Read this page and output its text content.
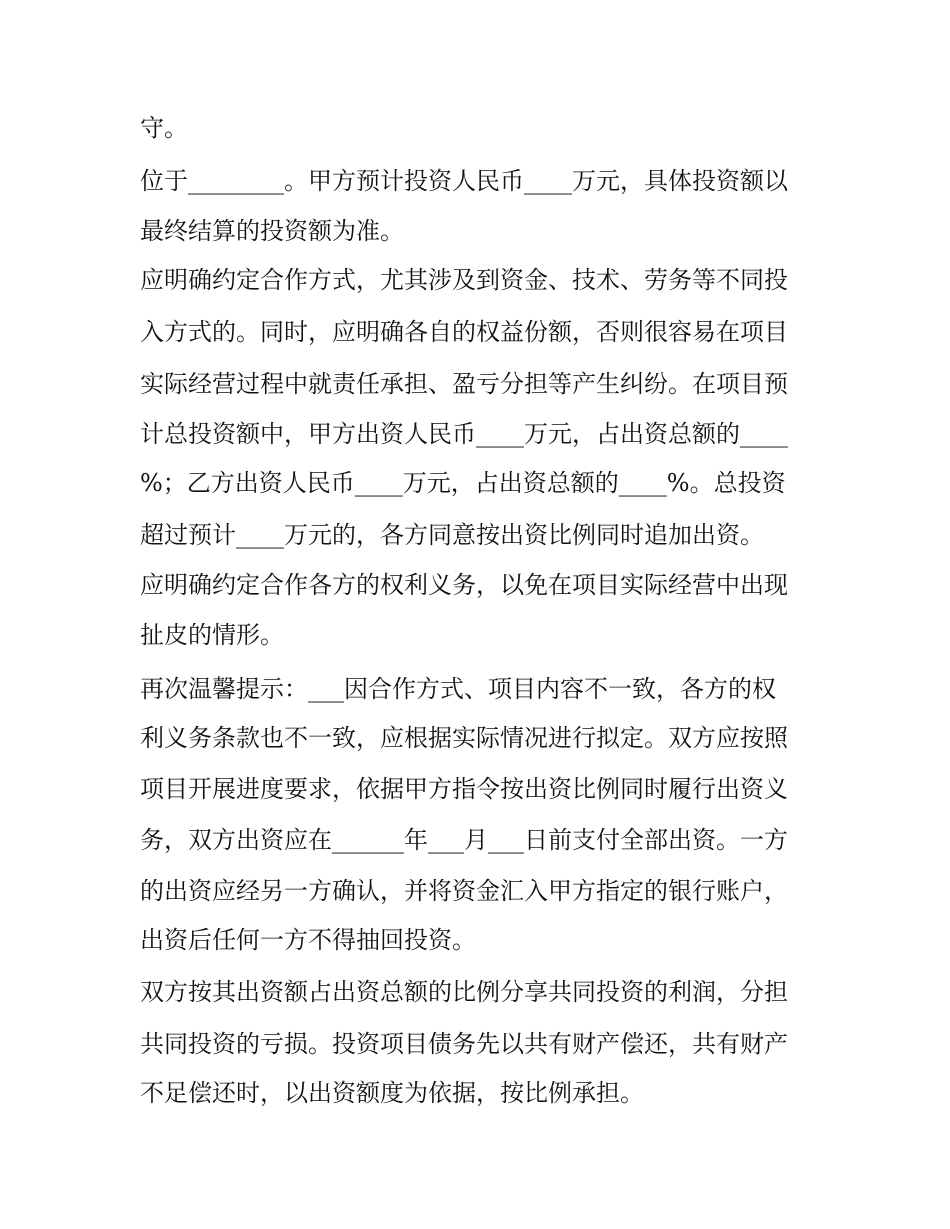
守。
位于________。甲方预计投资人民币____万元，具体投资额以
最终结算的投资额为准。
应明确约定合作方式，尤其涉及到资金、技术、劳务等不同投
入方式的。同时，应明确各自的权益份额，否则很容易在项目
实际经营过程中就责任承担、盈亏分担等产生纠纷。在项目预
计总投资额中，甲方出资人民币____万元，占出资总额的____
%；乙方出资人民币____万元，占出资总额的____%。总投资
超过预计____万元的，各方同意按出资比例同时追加出资。
应明确约定合作各方的权利义务，以免在项目实际经营中出现
扯皮的情形。
再次温馨提示：___因合作方式、项目内容不一致，各方的权
利义务条款也不一致，应根据实际情况进行拟定。双方应按照
项目开展进度要求，依据甲方指令按出资比例同时履行出资义
务，双方出资应在______年___月___日前支付全部出资。一方
的出资应经另一方确认，并将资金汇入甲方指定的银行账户，
出资后任何一方不得抽回投资。
双方按其出资额占出资总额的比例分享共同投资的利润，分担
共同投资的亏损。投资项目债务先以共有财产偿还，共有财产
不足偿还时，以出资额度为依据，按比例承担。
